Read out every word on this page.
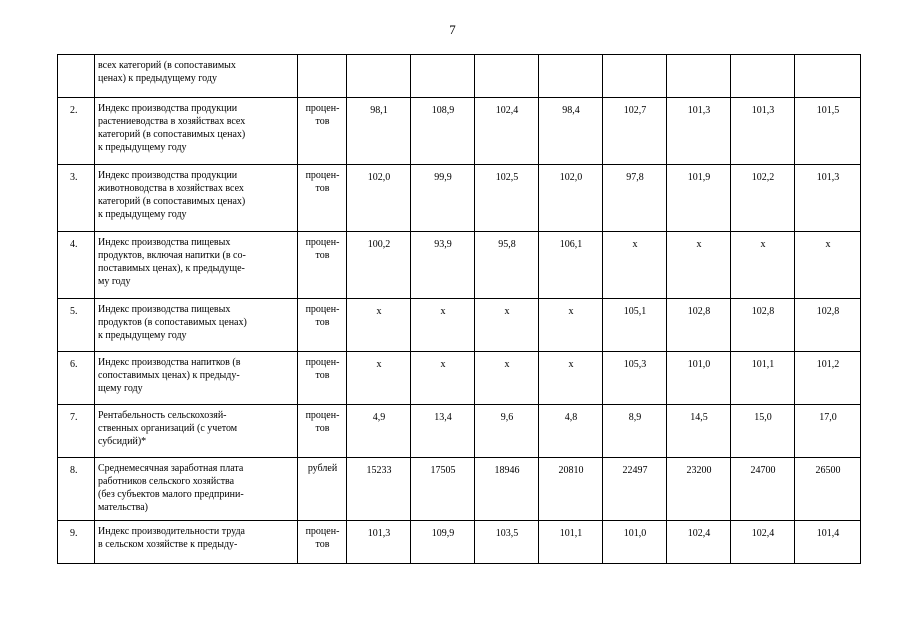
7

	всех категорий (в сопоставимых
ценах) к предыдущему году									

2.	Индекс производства продукции
растениеводства в хозяйствах всех
категорий (в сопоставимых ценах)
к предыдущему году	процен-
тов	98,1	108,9	102,4	98,4	102,7	101,3	101,3	101,5
3.	Индекс производства продукции
животноводства в хозяйствах всех
категорий (в сопоставимых ценах)
к предыдущему году	процен-
тов	102,0	99,9	102,5	102,0	97,8	101,9	102,2	101,3
4.	Индекс производства пищевых
продуктов, включая напитки (в со-
поставимых ценах), к предыдуще-
му году	процен-
тов	100,2	93,9	95,8	106,1	x	x	x	x
5.	Индекс производства пищевых
продуктов (в сопоставимых ценах)
к предыдущему году	процен-
тов	x	x	x	x	105,1	102,8	102,8	102,8
6.	Индекс производства напитков (в
сопоставимых ценах) к предыду-
щему году	процен-
тов	x	x	x	x	105,3	101,0	101,1	101,2
7.	Рентабельность сельскохозяй-
ственных организаций (с учетом
субсидий)*	процен-
тов	4,9	13,4	9,6	4,8	8,9	14,5	15,0	17,0
8.	Среднемесячная заработная плата
работников сельского хозяйства
(без субъектов малого предприни-
мательства)	рублей	15233	17505	18946	20810	22497	23200	24700	26500
9.	Индекс производительности труда
в сельском хозяйстве к предыду-	процен-
тов	101,3	109,9	103,5	101,1	101,0	102,4	102,4	101,4
